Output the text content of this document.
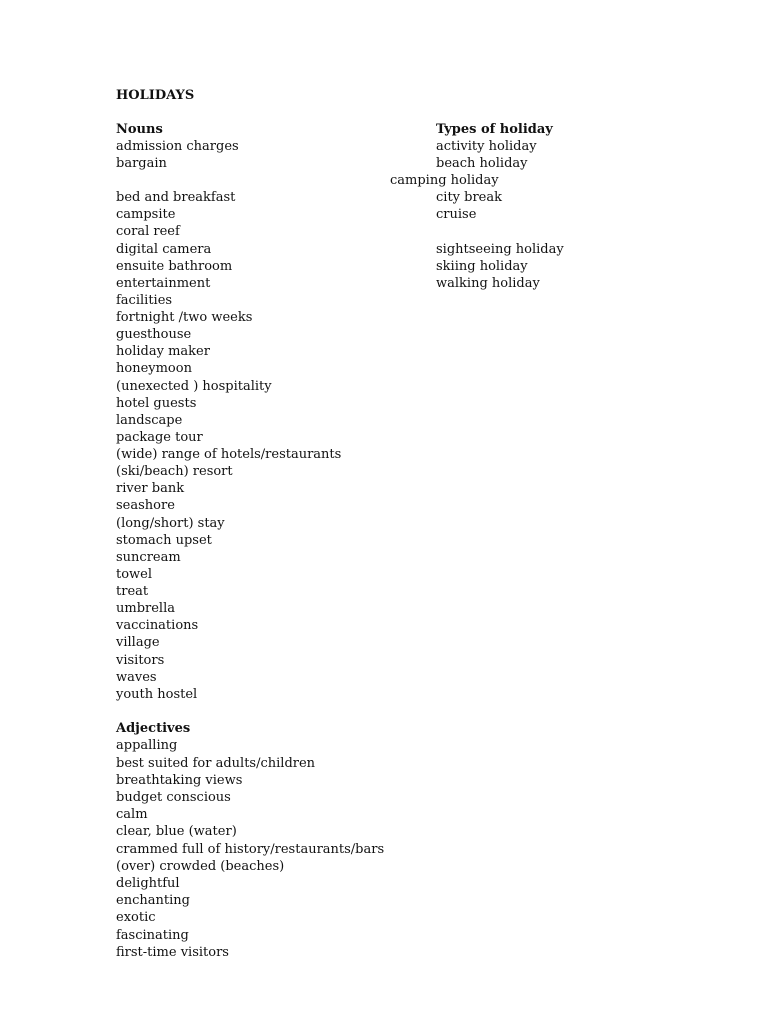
HOLIDAYS
Nouns
admission charges
bargain
bed and breakfast
campsite
coral reef
digital camera
ensuite bathroom
entertainment
facilities
fortnight /two weeks
guesthouse
holiday maker
honeymoon
(unexected ) hospitality
hotel guests
landscape
package tour
(wide) range of hotels/restaurants
(ski/beach) resort
river bank
seashore
(long/short) stay
stomach upset
suncream
towel
treat
umbrella
vaccinations
village
visitors
waves
youth hostel
Types of holiday
activity holiday
beach holiday
camping holiday
city break
cruise
sightseeing holiday
skiing holiday
walking holiday
Adjectives
appalling
best suited for adults/children
breathtaking views
budget conscious
calm
clear, blue (water)
crammed full of history/restaurants/bars
(over) crowded (beaches)
delightful
enchanting
exotic
fascinating
first-time visitors
